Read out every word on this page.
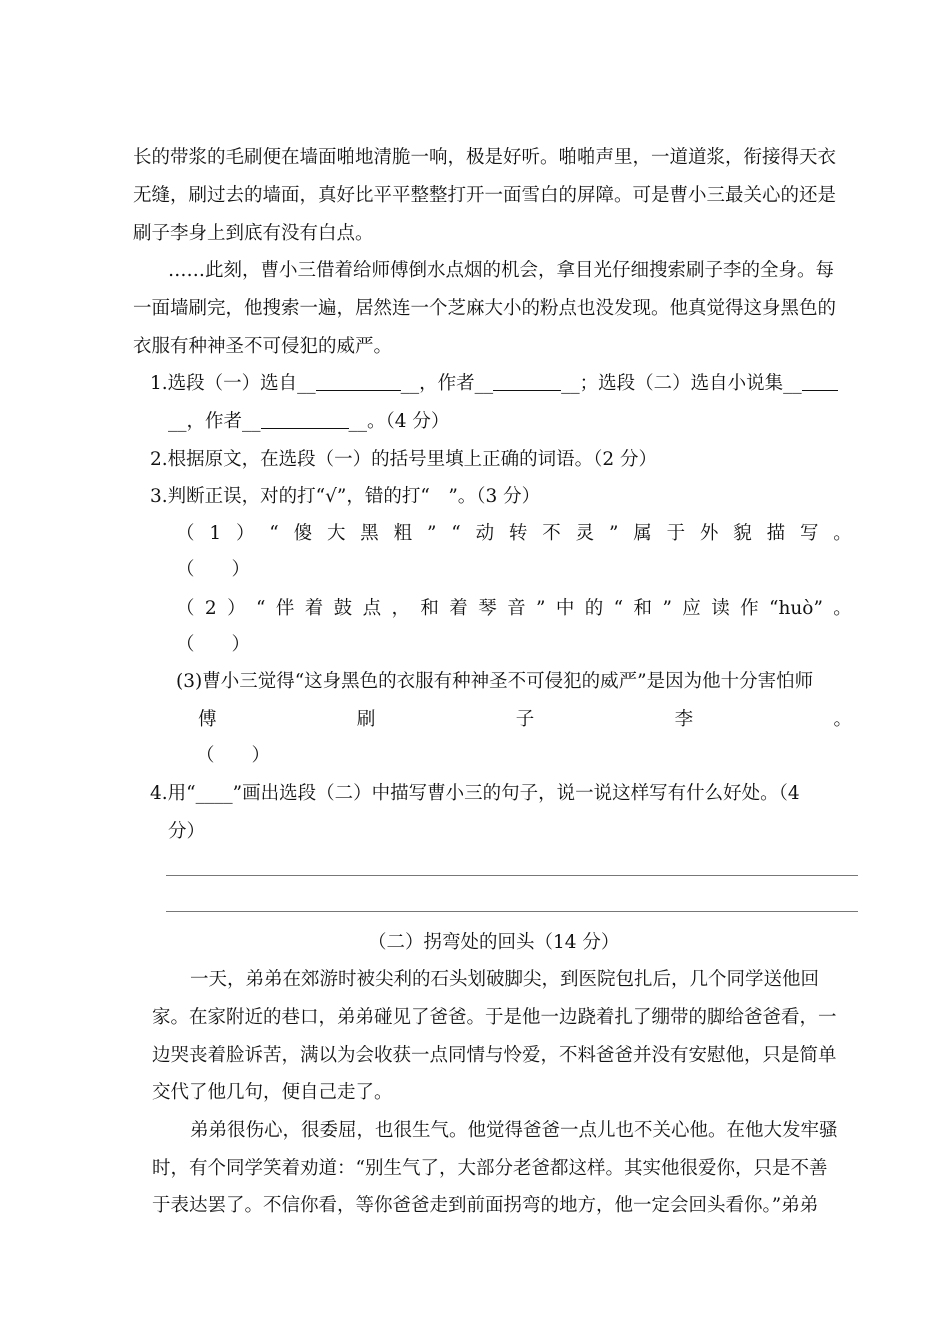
长的带浆的毛刷便在墙面啪地清脆一响，极是好听。啪啪声里，一道道浆，衔接得天衣
无缝，刷过去的墙面，真好比平平整整打开一面雪白的屏障。可是曹小三最关心的还是
刷子李身上到底有没有白点。
……此刻，曹小三借着给师傅倒水点烟的机会，拿目光仔细搜索刷子李的全身。每
一面墙刷完，他搜索一遍，居然连一个芝麻大小的粉点也没发现。他真觉得这身黑色的
衣服有种神圣不可侵犯的威严。
1.选段（一）选自__	__，作者__	__；选段（二）选自小说集__
__，作者__	__。（4 分）
2.根据原文，在选段（一）的括号里填上正确的词语。（2 分）
3.判断正误，对的打“√”，错的打“　”。（3 分）
（ 1 ） “ 傻 大 黑 粗 ” “ 动 转 不 灵 ” 属 于 外 貌 描 写 。
（　　）
（ 2 ） “ 伴 着 鼓 点 ， 和 着 琴 音 ” 中 的 “ 和 ” 应 读 作 “huò” 。
（　　）
(3)曹小三觉得“这身黑色的衣服有种神圣不可侵犯的威严”是因为他十分害怕师
傅	刷	子	李	。
（　　）
4.用“____”画出选段（二）中描写曹小三的句子，说一说这样写有什么好处。（4
分）
（二）拐弯处的回头（14 分）
一天，弟弟在郊游时被尖利的石头划破脚尖，到医院包扎后，几个同学送他回
家。在家附近的巷口，弟弟碰见了爸爸。于是他一边跷着扎了绷带的脚给爸爸看，一
边哭丧着脸诉苦，满以为会收获一点同情与怜爱，不料爸爸并没有安慰他，只是简单
交代了他几句，便自己走了。
弟弟很伤心，很委屈，也很生气。他觉得爸爸一点儿也不关心他。在他大发牢骚
时，有个同学笑着劝道：“别生气了，大部分老爸都这样。其实他很爱你，只是不善
于表达罢了。不信你看，等你爸爸走到前面拐弯的地方，他一定会回头看你。”弟弟
